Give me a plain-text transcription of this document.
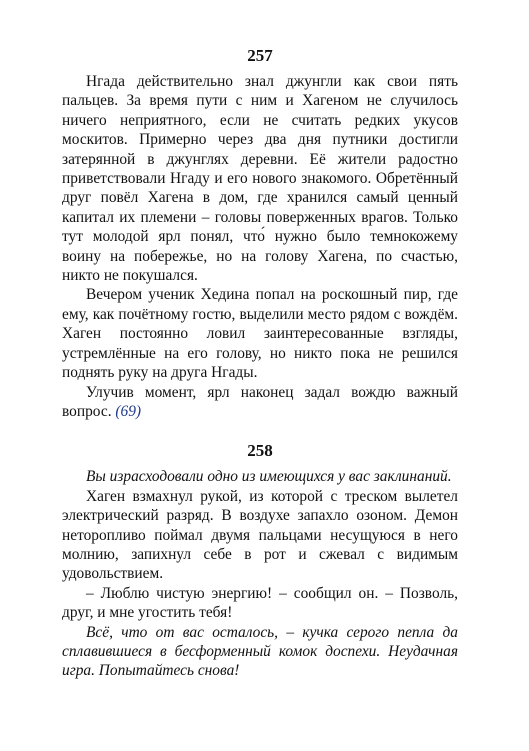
257

Нгада действительно знал джунгли как свои пять пальцев. За время пути с ним и Хагеном не случилось ничего неприятного, если не считать редких укусов москитов. Примерно через два дня путники достигли затерянной в джунглях деревни. Её жители радостно приветствовали Нгаду и его нового знакомого. Обретённый друг повёл Хагена в дом, где хранился самый ценный капитал их племени – головы поверженных врагов. Только тут молодой ярл понял, что́ нужно было темнокожему воину на побережье, но на голову Хагена, по счастью, никто не покушался.

Вечером ученик Хедина попал на роскошный пир, где ему, как почётному гостю, выделили место рядом с вождём. Хаген постоянно ловил заинтересованные взгляды, устремлённые на его голову, но никто пока не решился поднять руку на друга Нгады.

Улучив момент, ярл наконец задал вождю важный вопрос. (69)

258

Вы израсходовали одно из имеющихся у вас заклинаний.

Хаген взмахнул рукой, из которой с треском вылетел электрический разряд. В воздухе запахло озоном. Демон неторопливо поймал двумя пальцами несущуюся в него молнию, запихнул себе в рот и сжевал с видимым удовольствием.

– Люблю чистую энергию! – сообщил он. – Позволь, друг, и мне угостить тебя!

Всё, что от вас осталось, – кучка серого пепла да сплавившиеся в бесформенный комок доспехи. Неудачная игра. Попытайтесь снова!
